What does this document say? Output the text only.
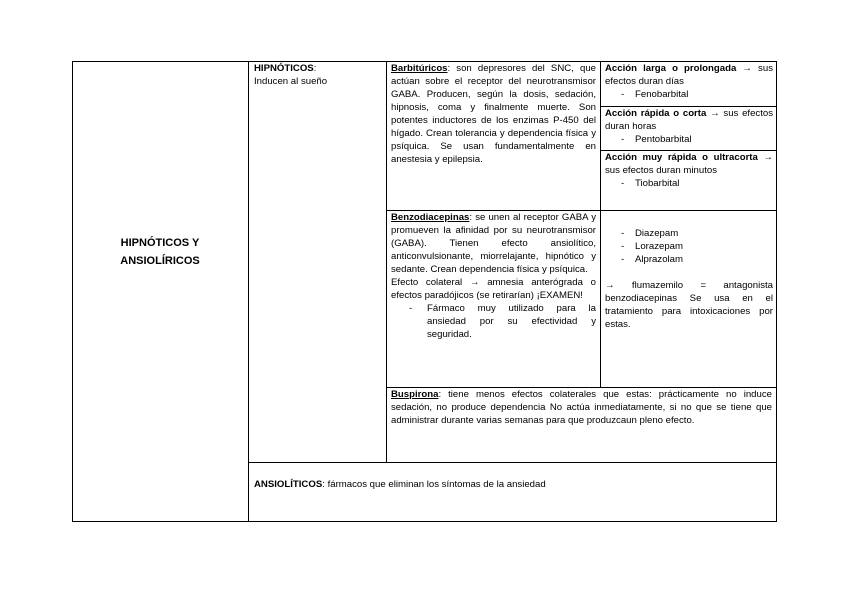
HIPNÓTICOS Y ANSIOLÍRICOS
HIPNÓTICOS:
Inducen al sueño
Barbitúricos: son depresores del SNC, que actúan sobre el receptor del neurotransmisor GABA. Producen, según la dosis, sedación, hipnosis, coma y finalmente muerte. Son potentes inductores de los enzimas P-450 del hígado. Crean tolerancia y dependencia física y psíquica. Se usan fundamentalmente en anestesia y epilepsia.
Acción larga o prolongada → sus efectos duran días
- Fenobarbital
Acción rápida o corta → sus efectos duran horas
- Pentobarbital
Acción muy rápida o ultracorta → sus efectos duran minutos
- Tiobarbital
Benzodiacepinas: se unen al receptor GABA y promueven la afinidad por su neurotransmisor (GABA). Tienen efecto ansiolítico, anticonvulsionante, miorrelajante, hipnótico y sedante. Crean dependencia física y psíquica.
Efecto colateral → amnesia anterógrada o efectos paradójicos (se retirarían) ¡EXAMEN!
- Fármaco muy utilizado para la ansiedad por su efectividad y seguridad.
- Diazepam
- Lorazepam
- Alprazolam
→ flumazemilo = antagonista benzodiacepinas Se usa en el tratamiento para intoxicaciones por estas.
Buspirona: tiene menos efectos colaterales que estas: prácticamente no induce sedación, no produce dependencia No actúa inmediatamente, si no que se tiene que administrar durante varias semanas para que produzcaun pleno efecto.
ANSIOLÍTICOS: fármacos que eliminan los síntomas de la ansiedad
